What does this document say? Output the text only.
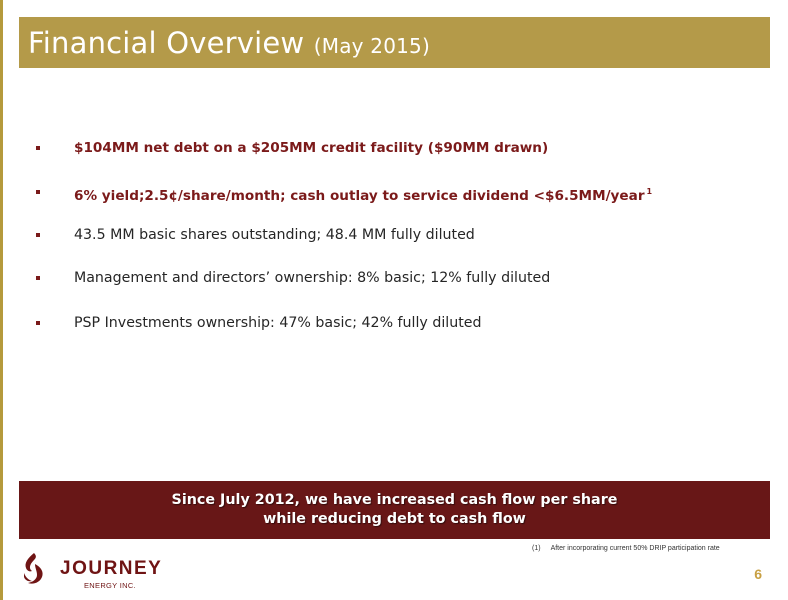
Financial Overview (May 2015)
$104MM net debt on a $205MM credit facility ($90MM drawn)
6% yield;2.5¢/share/month; cash outlay to service dividend <$6.5MM/year $^1$
43.5 MM basic shares outstanding; 48.4 MM fully diluted
Management and directors’ ownership: 8% basic; 12% fully diluted
PSP Investments ownership: 47% basic; 42% fully diluted
Since July 2012, we have increased cash flow per share
while reducing debt to cash flow
(1) After incorporating current 50% DRIP participation rate
JOURNEY
ENERGY INC.
6
